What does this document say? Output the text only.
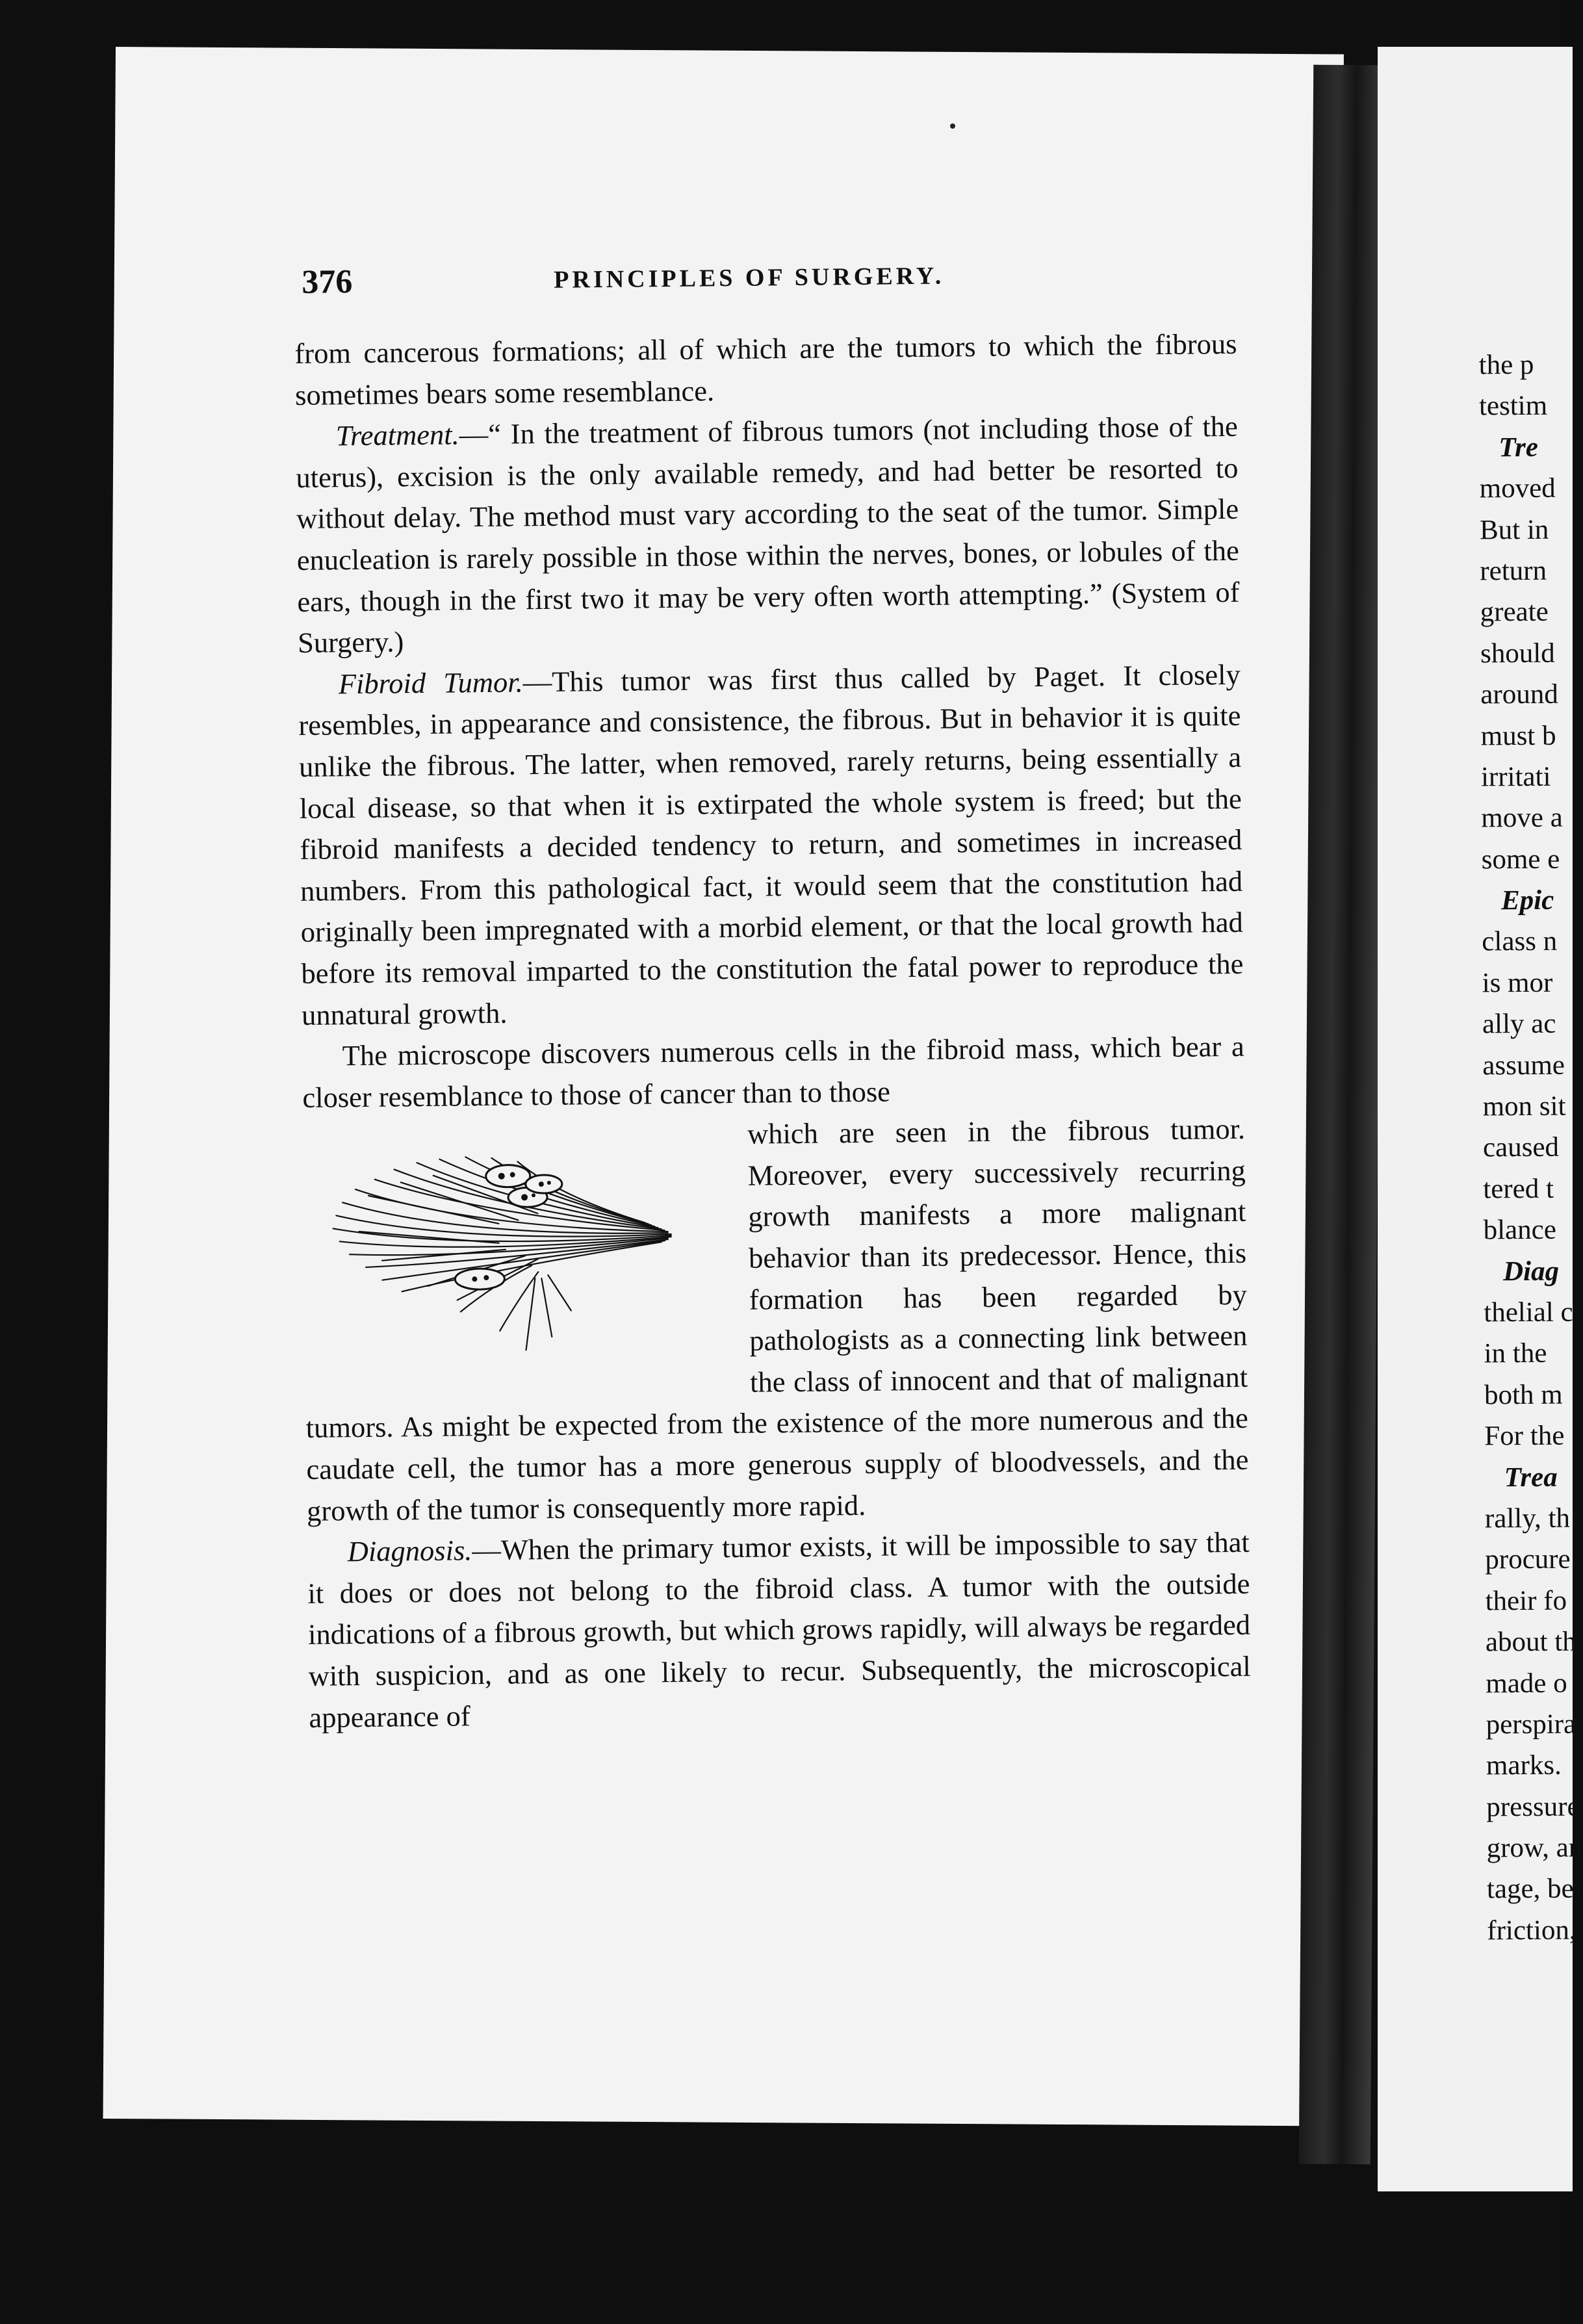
376	PRINCIPLES OF SURGERY.

from cancerous formations; all of which are the tumors to which the fibrous sometimes bears some resemblance.

Treatment.—“ In the treatment of fibrous tumors (not including those of the uterus), excision is the only available remedy, and had better be resorted to without delay. The method must vary according to the seat of the tumor. Simple enucleation is rarely possible in those within the nerves, bones, or lobules of the ears, though in the first two it may be very often worth attempting.” (System of Surgery.)

Fibroid Tumor.—This tumor was first thus called by Paget. It closely resembles, in appearance and consistence, the fibrous. But in behavior it is quite unlike the fibrous. The latter, when removed, rarely returns, being essentially a local disease, so that when it is extirpated the whole system is freed; but the fibroid manifests a decided tendency to return, and sometimes in increased numbers. From this pathological fact, it would seem that the constitution had originally been impregnated with a morbid element, or that the local growth had before its removal imparted to the constitution the fatal power to reproduce the unnatural growth.

The microscope discovers numerous cells in the fibroid mass, which bear a closer resemblance to those of cancer than to those

which are seen in the fibrous tumor. Moreover, every successively recurring growth manifests a more malignant behavior than its predecessor. Hence, this formation has been regarded by pathologists as a connecting link between the class of innocent and that of malignant tumors. As might be expected from the existence of the more numerous and the caudate cell, the tumor has a more generous supply of bloodvessels, and the growth of the tumor is consequently more rapid.

Diagnosis.—When the primary tumor exists, it will be impossible to say that it does or does not belong to the fibroid class. A tumor with the outside indications of a fibrous growth, but which grows rapidly, will always be regarded with suspicion, and as one likely to recur. Subsequently, the microscopical appearance of

the p
testim
Tre
moved
But in
return
greate
should
around
must b
irritati
move a
some e
Epic
class n
is mor
ally ac
assume
mon sit
caused
tered t
blance
Diag
thelial c
in the
both m
For the
Trea
rally, th
procure
their fo
about th
made o
perspira
marks.
pressure
grow, an
tage, bei
friction,
